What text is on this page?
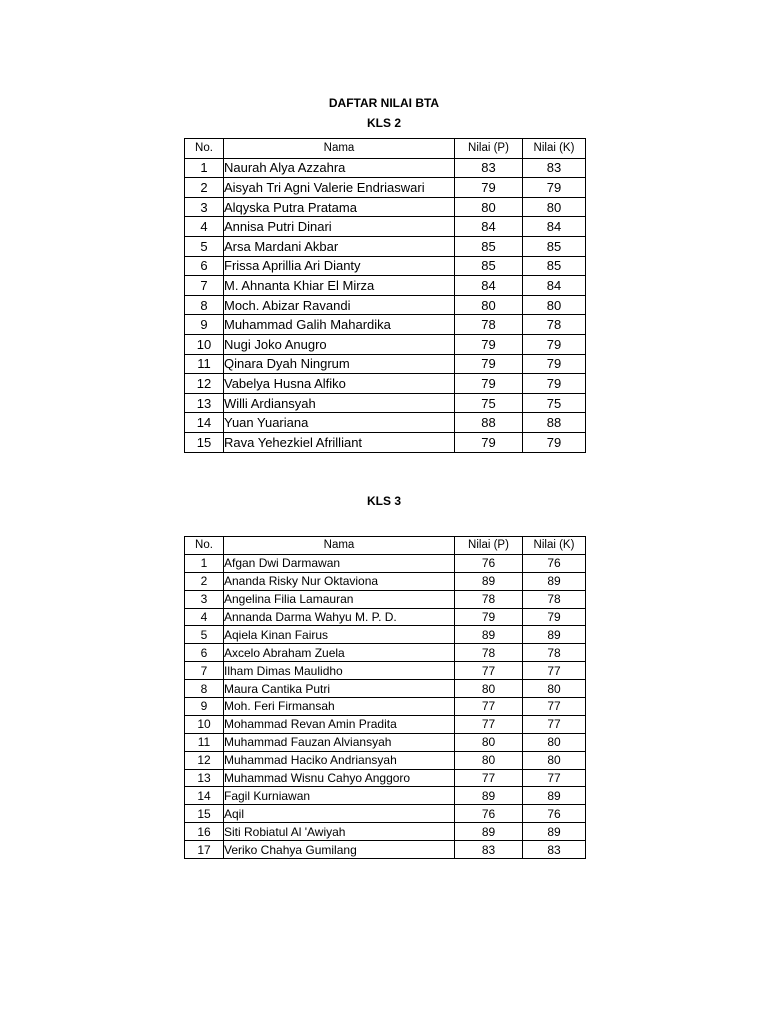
DAFTAR NILAI BTA
KLS 2
No.	Nama	Nilai (P)	Nilai (K)
1	Naurah Alya Azzahra	83	83
2	Aisyah Tri Agni Valerie Endriaswari	79	79
3	Alqyska Putra Pratama	80	80
4	Annisa Putri Dinari	84	84
5	Arsa Mardani Akbar	85	85
6	Frissa Aprillia Ari Dianty	85	85
7	M. Ahnanta Khiar El Mirza	84	84
8	Moch. Abizar Ravandi	80	80
9	Muhammad Galih Mahardika	78	78
10	Nugi Joko Anugro	79	79
11	Qinara Dyah Ningrum	79	79
12	Vabelya Husna Alfiko	79	79
13	Willi Ardiansyah	75	75
14	Yuan Yuariana	88	88
15	Rava Yehezkiel Afrilliant	79	79
KLS 3
No.	Nama	Nilai (P)	Nilai (K)
1	Afgan Dwi Darmawan	76	76
2	Ananda Risky Nur Oktaviona	89	89
3	Angelina Filia Lamauran	78	78
4	Annanda Darma Wahyu M. P. D.	79	79
5	Aqiela Kinan Fairus	89	89
6	Axcelo Abraham Zuela	78	78
7	Ilham Dimas Maulidho	77	77
8	Maura Cantika Putri	80	80
9	Moh. Feri Firmansah	77	77
10	Mohammad Revan Amin Pradita	77	77
11	Muhammad Fauzan Alviansyah	80	80
12	Muhammad Haciko Andriansyah	80	80
13	Muhammad Wisnu Cahyo Anggoro	77	77
14	Fagil Kurniawan	89	89
15	Aqil	76	76
16	Siti Robiatul Al 'Awiyah	89	89
17	Veriko Chahya Gumilang	83	83
